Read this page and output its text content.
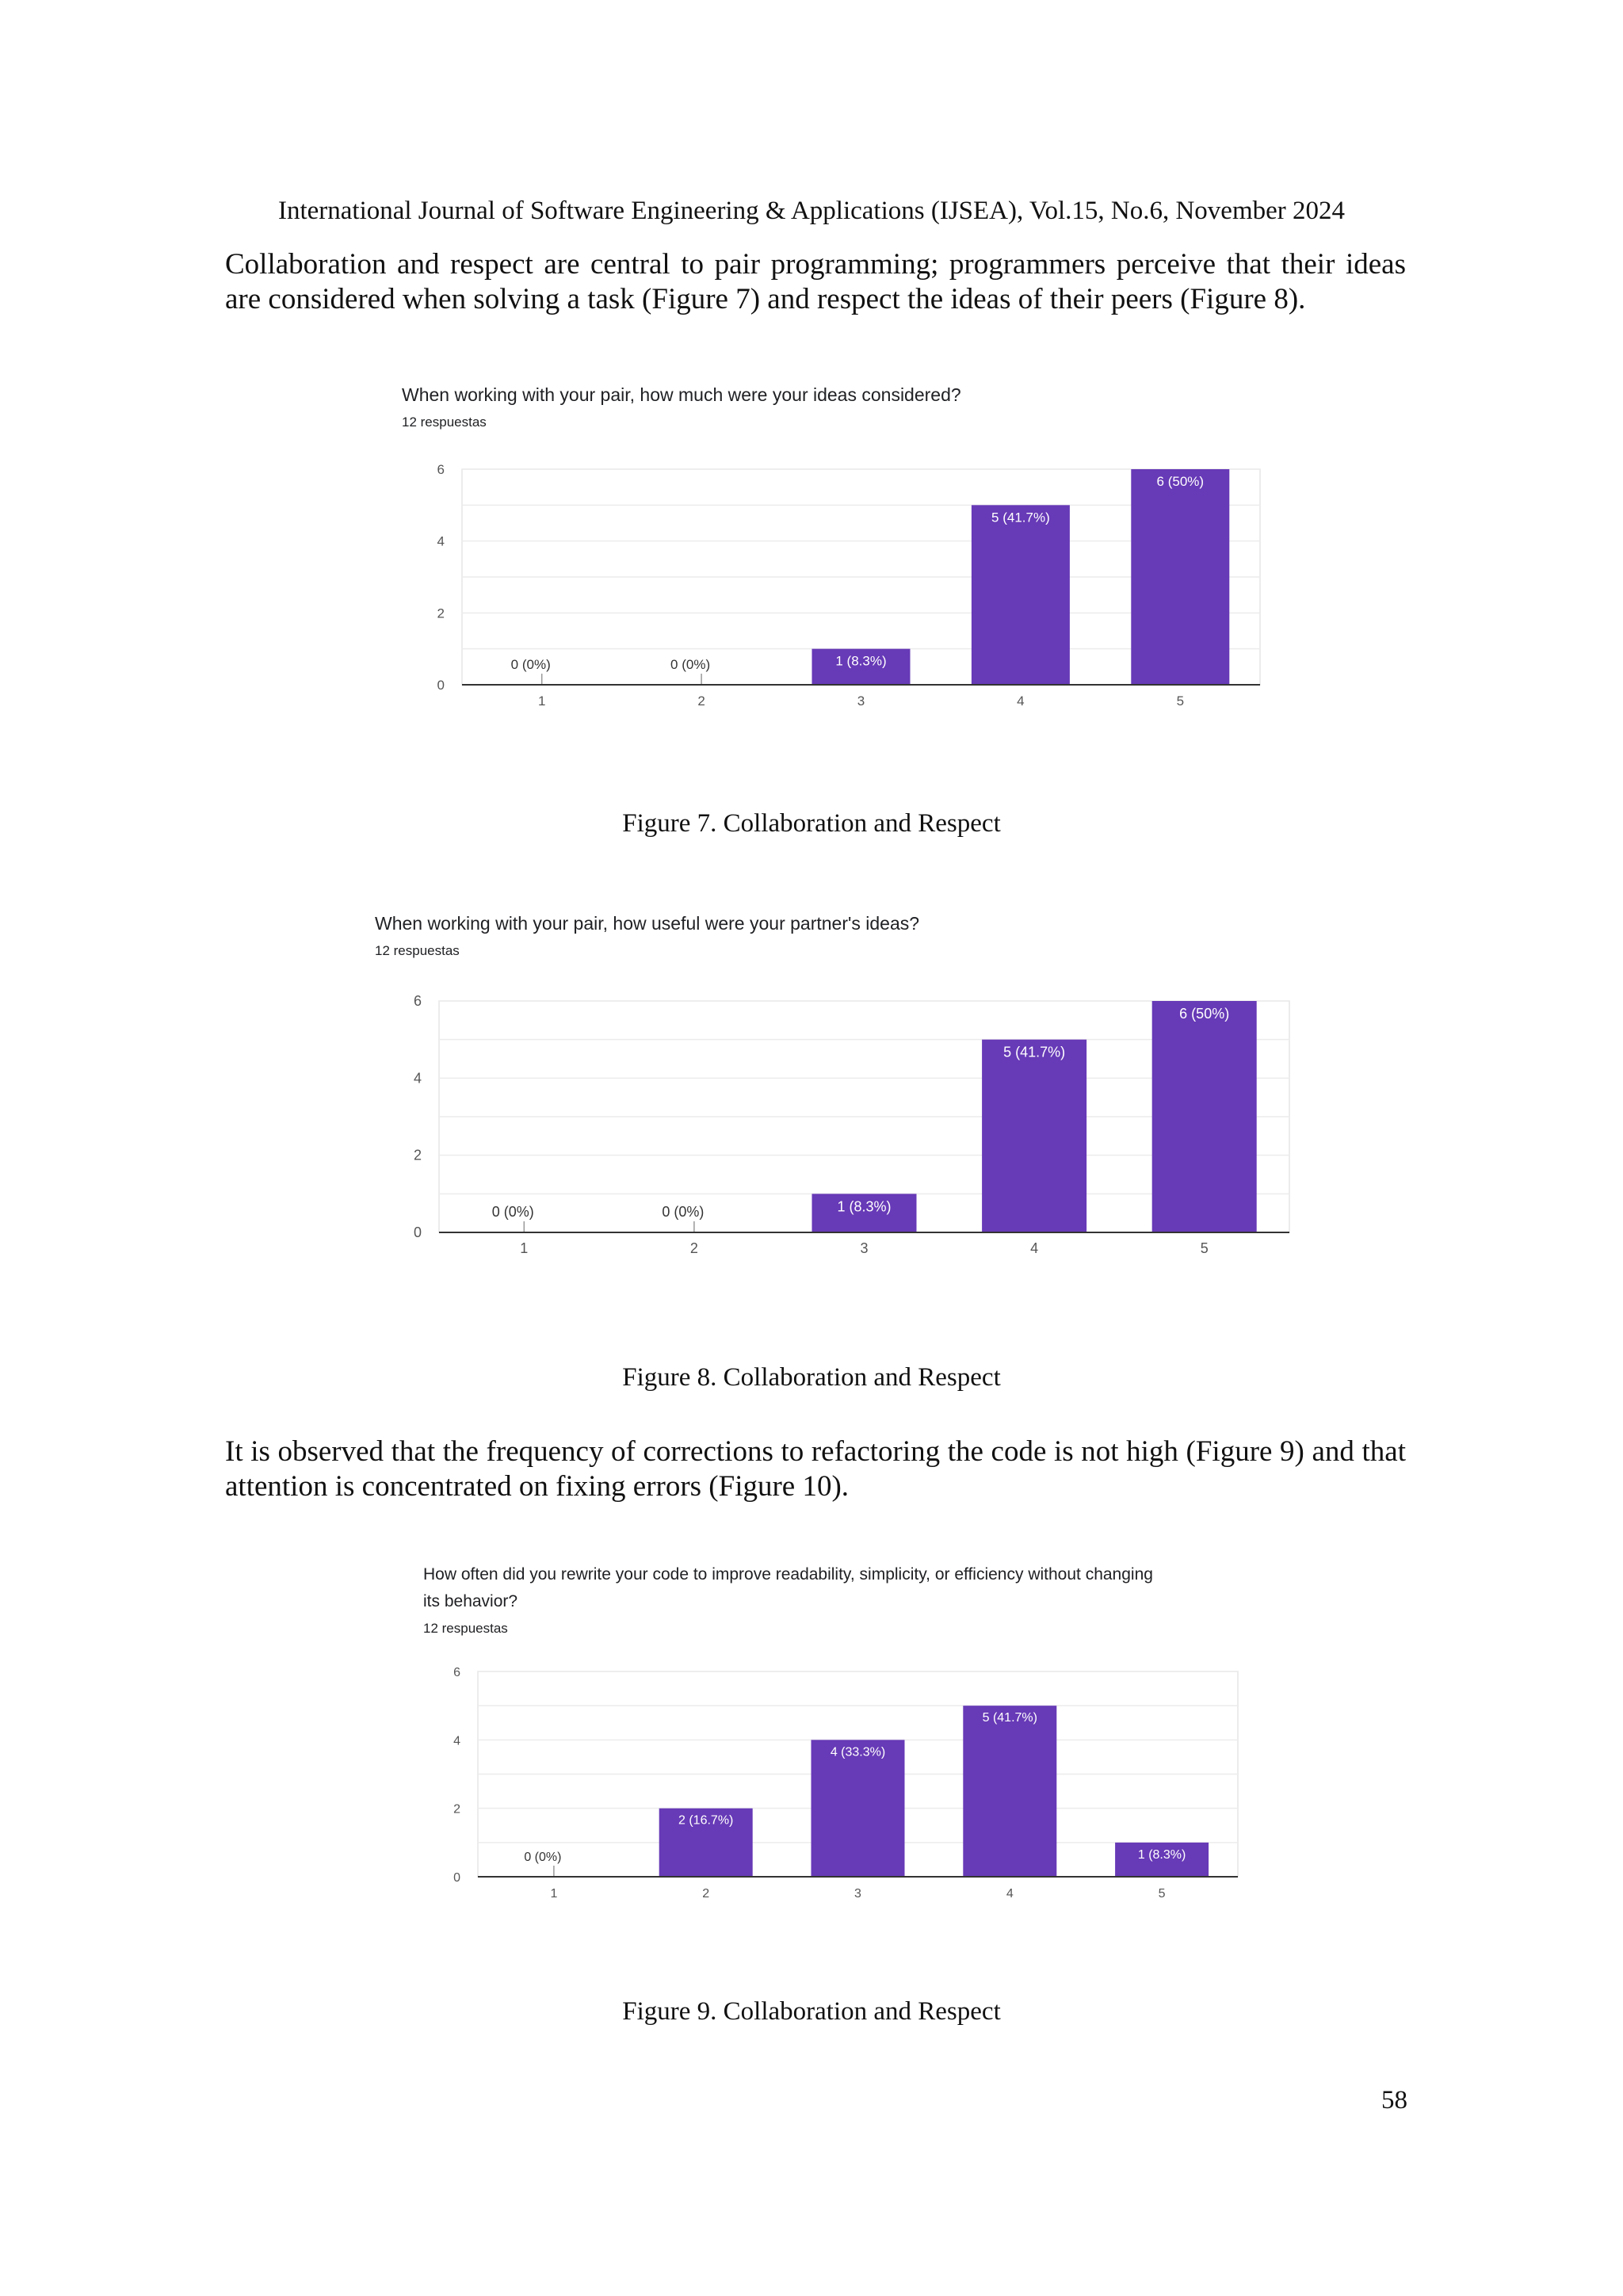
International Journal of Software Engineering & Applications (IJSEA), Vol.15, No.6, November 2024
Collaboration and respect are central to pair programming; programmers perceive that their ideas are considered when solving a task (Figure 7) and respect the ideas of their peers (Figure 8).
When working with your pair, how much were your ideas considered?
12 respuestas
0
2
4
6
0 (0%)
1
0 (0%)
2
1 (8.3%)
3
5 (41.7%)
4
6 (50%)
5
Figure 7. Collaboration and Respect
When working with your pair, how useful were your partner's ideas?
12 respuestas
0
2
4
6
0 (0%)
1
0 (0%)
2
1 (8.3%)
3
5 (41.7%)
4
6 (50%)
5
Figure 8. Collaboration and Respect
It is observed that the frequency of corrections to refactoring the code is not high (Figure 9) and that attention is concentrated on fixing errors (Figure 10).
How often did you rewrite your code to improve readability, simplicity, or efficiency without changing
its behavior?
12 respuestas
0
2
4
6
0 (0%)
1
2 (16.7%)
2
4 (33.3%)
3
5 (41.7%)
4
1 (8.3%)
5
Figure 9. Collaboration and Respect
58
